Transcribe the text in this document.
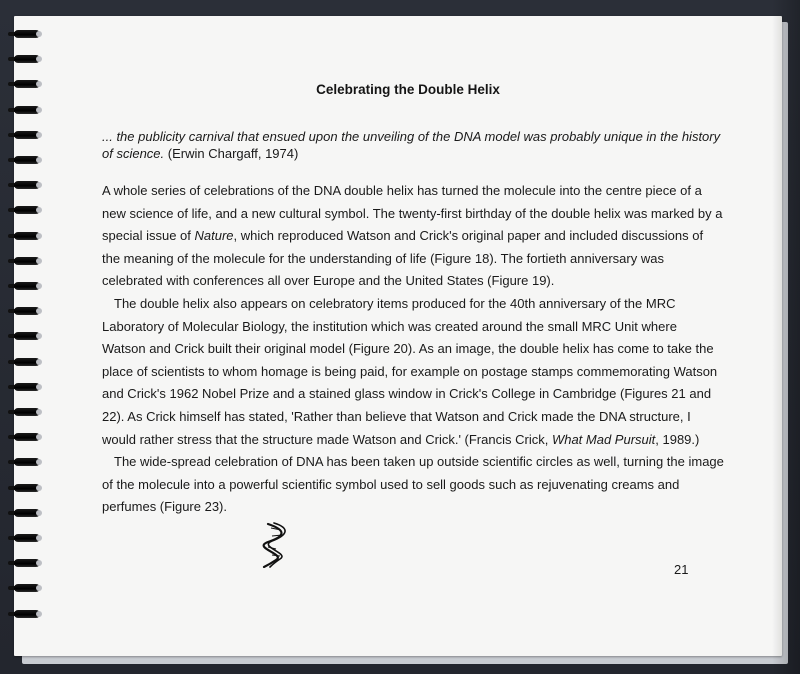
Celebrating the Double Helix
... the publicity carnival that ensued upon the unveiling of the DNA model was probably unique in the history of science. (Erwin Chargaff, 1974)

A whole series of celebrations of the DNA double helix has turned the molecule into the centre piece of a new science of life, and a new cultural symbol. The twenty-first birthday of the double helix was marked by a special issue of Nature, which reproduced Watson and Crick's original paper and included discussions of the meaning of the molecule for the understanding of life (Figure 18). The fortieth anniversary was celebrated with conferences all over Europe and the United States (Figure 19).

The double helix also appears on celebratory items produced for the 40th anniversary of the MRC Laboratory of Molecular Biology, the institution which was created around the small MRC Unit where Watson and Crick built their original model (Figure 20). As an image, the double helix has come to take the place of scientists to whom homage is being paid, for example on postage stamps commemorating Watson and Crick's 1962 Nobel Prize and a stained glass window in Crick's College in Cambridge (Figures 21 and 22). As Crick himself has stated, 'Rather than believe that Watson and Crick made the DNA structure, I would rather stress that the structure made Watson and Crick.' (Francis Crick, What Mad Pursuit, 1989.)

The wide-spread celebration of DNA has been taken up outside scientific circles as well, turning the image of the molecule into a powerful scientific symbol used to sell goods such as rejuvenating creams and perfumes (Figure 23).

21
